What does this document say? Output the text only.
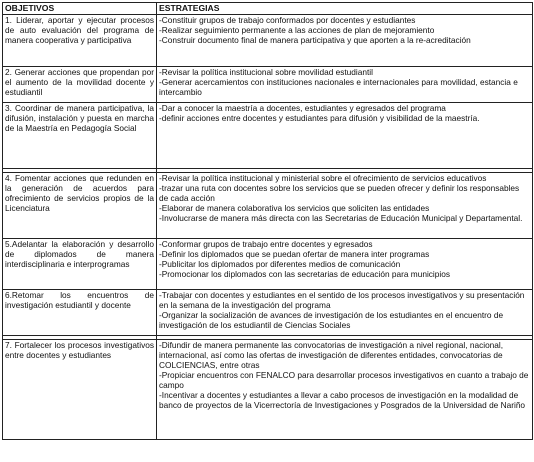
OBJETIVOS	ESTRATEGIAS
1. Liderar, aportar y ejecutar procesos de auto evaluación del programa de manera cooperativa y participativa	-Constituir grupos de trabajo conformados por docentes y estudiantes
-Realizar seguimiento permanente a las acciones de plan de mejoramiento
-Construir documento final de manera participativa y que aporten a la re-acreditación

2. Generar acciones que propendan por el aumento de la movilidad docente y estudiantil	-Revisar la política institucional sobre movilidad estudiantil
-Generar acercamientos con instituciones nacionales e internacionales para movilidad, estancia e intercambio

3. Coordinar de manera participativa, la difusión, instalación y puesta en marcha de la Maestría en Pedagogía Social	-Dar a conocer la maestría a docentes, estudiantes y egresados del programa
-definir acciones entre docentes y estudiantes para difusión y visibilidad de la maestría.

4. Fomentar acciones que redunden en la generación de acuerdos para ofrecimiento de servicios propios de la Licenciatura	-Revisar la política institucional y ministerial sobre el ofrecimiento de servicios educativos
-trazar una ruta con docentes sobre los servicios que se pueden ofrecer y definir los responsables de cada acción
-Elaborar de manera colaborativa los servicios que soliciten las entidades
-Involucrarse de manera más directa con las Secretarias de Educación Municipal y Departamental.

5.Adelantar la elaboración y desarrollo de diplomados de manera interdisciplinaria e interprogramas	-Conformar grupos de trabajo entre docentes y egresados
-Definir los diplomados que se puedan ofertar de manera inter programas
-Publicitar los diplomados por diferentes medios de comunicación
-Promocionar los diplomados con las secretarias de educación para municipios

6.Retomar los encuentros de investigación estudiantil y docente	-Trabajar con docentes y estudiantes en el sentido de los procesos investigativos y su presentación en la semana de la investigación del programa
-Organizar la socialización de avances de investigación de los estudiantes en el encuentro de investigación de los estudiantil de Ciencias Sociales

7. Fortalecer los procesos investigativos entre docentes y estudiantes	-Difundir de manera permanente las convocatorias de investigación a nivel regional, nacional, internacional, así como las ofertas de investigación de diferentes entidades, convocatorias de COLCIENCIAS, entre otras
-Propiciar encuentros con FENALCO para desarrollar procesos investigativos en cuanto a trabajo de campo
-Incentivar a docentes y estudiantes a llevar a cabo procesos de investigación en la modalidad de banco de proyectos de la Vicerrectoría de Investigaciones y Posgrados de la Universidad de Nariño
